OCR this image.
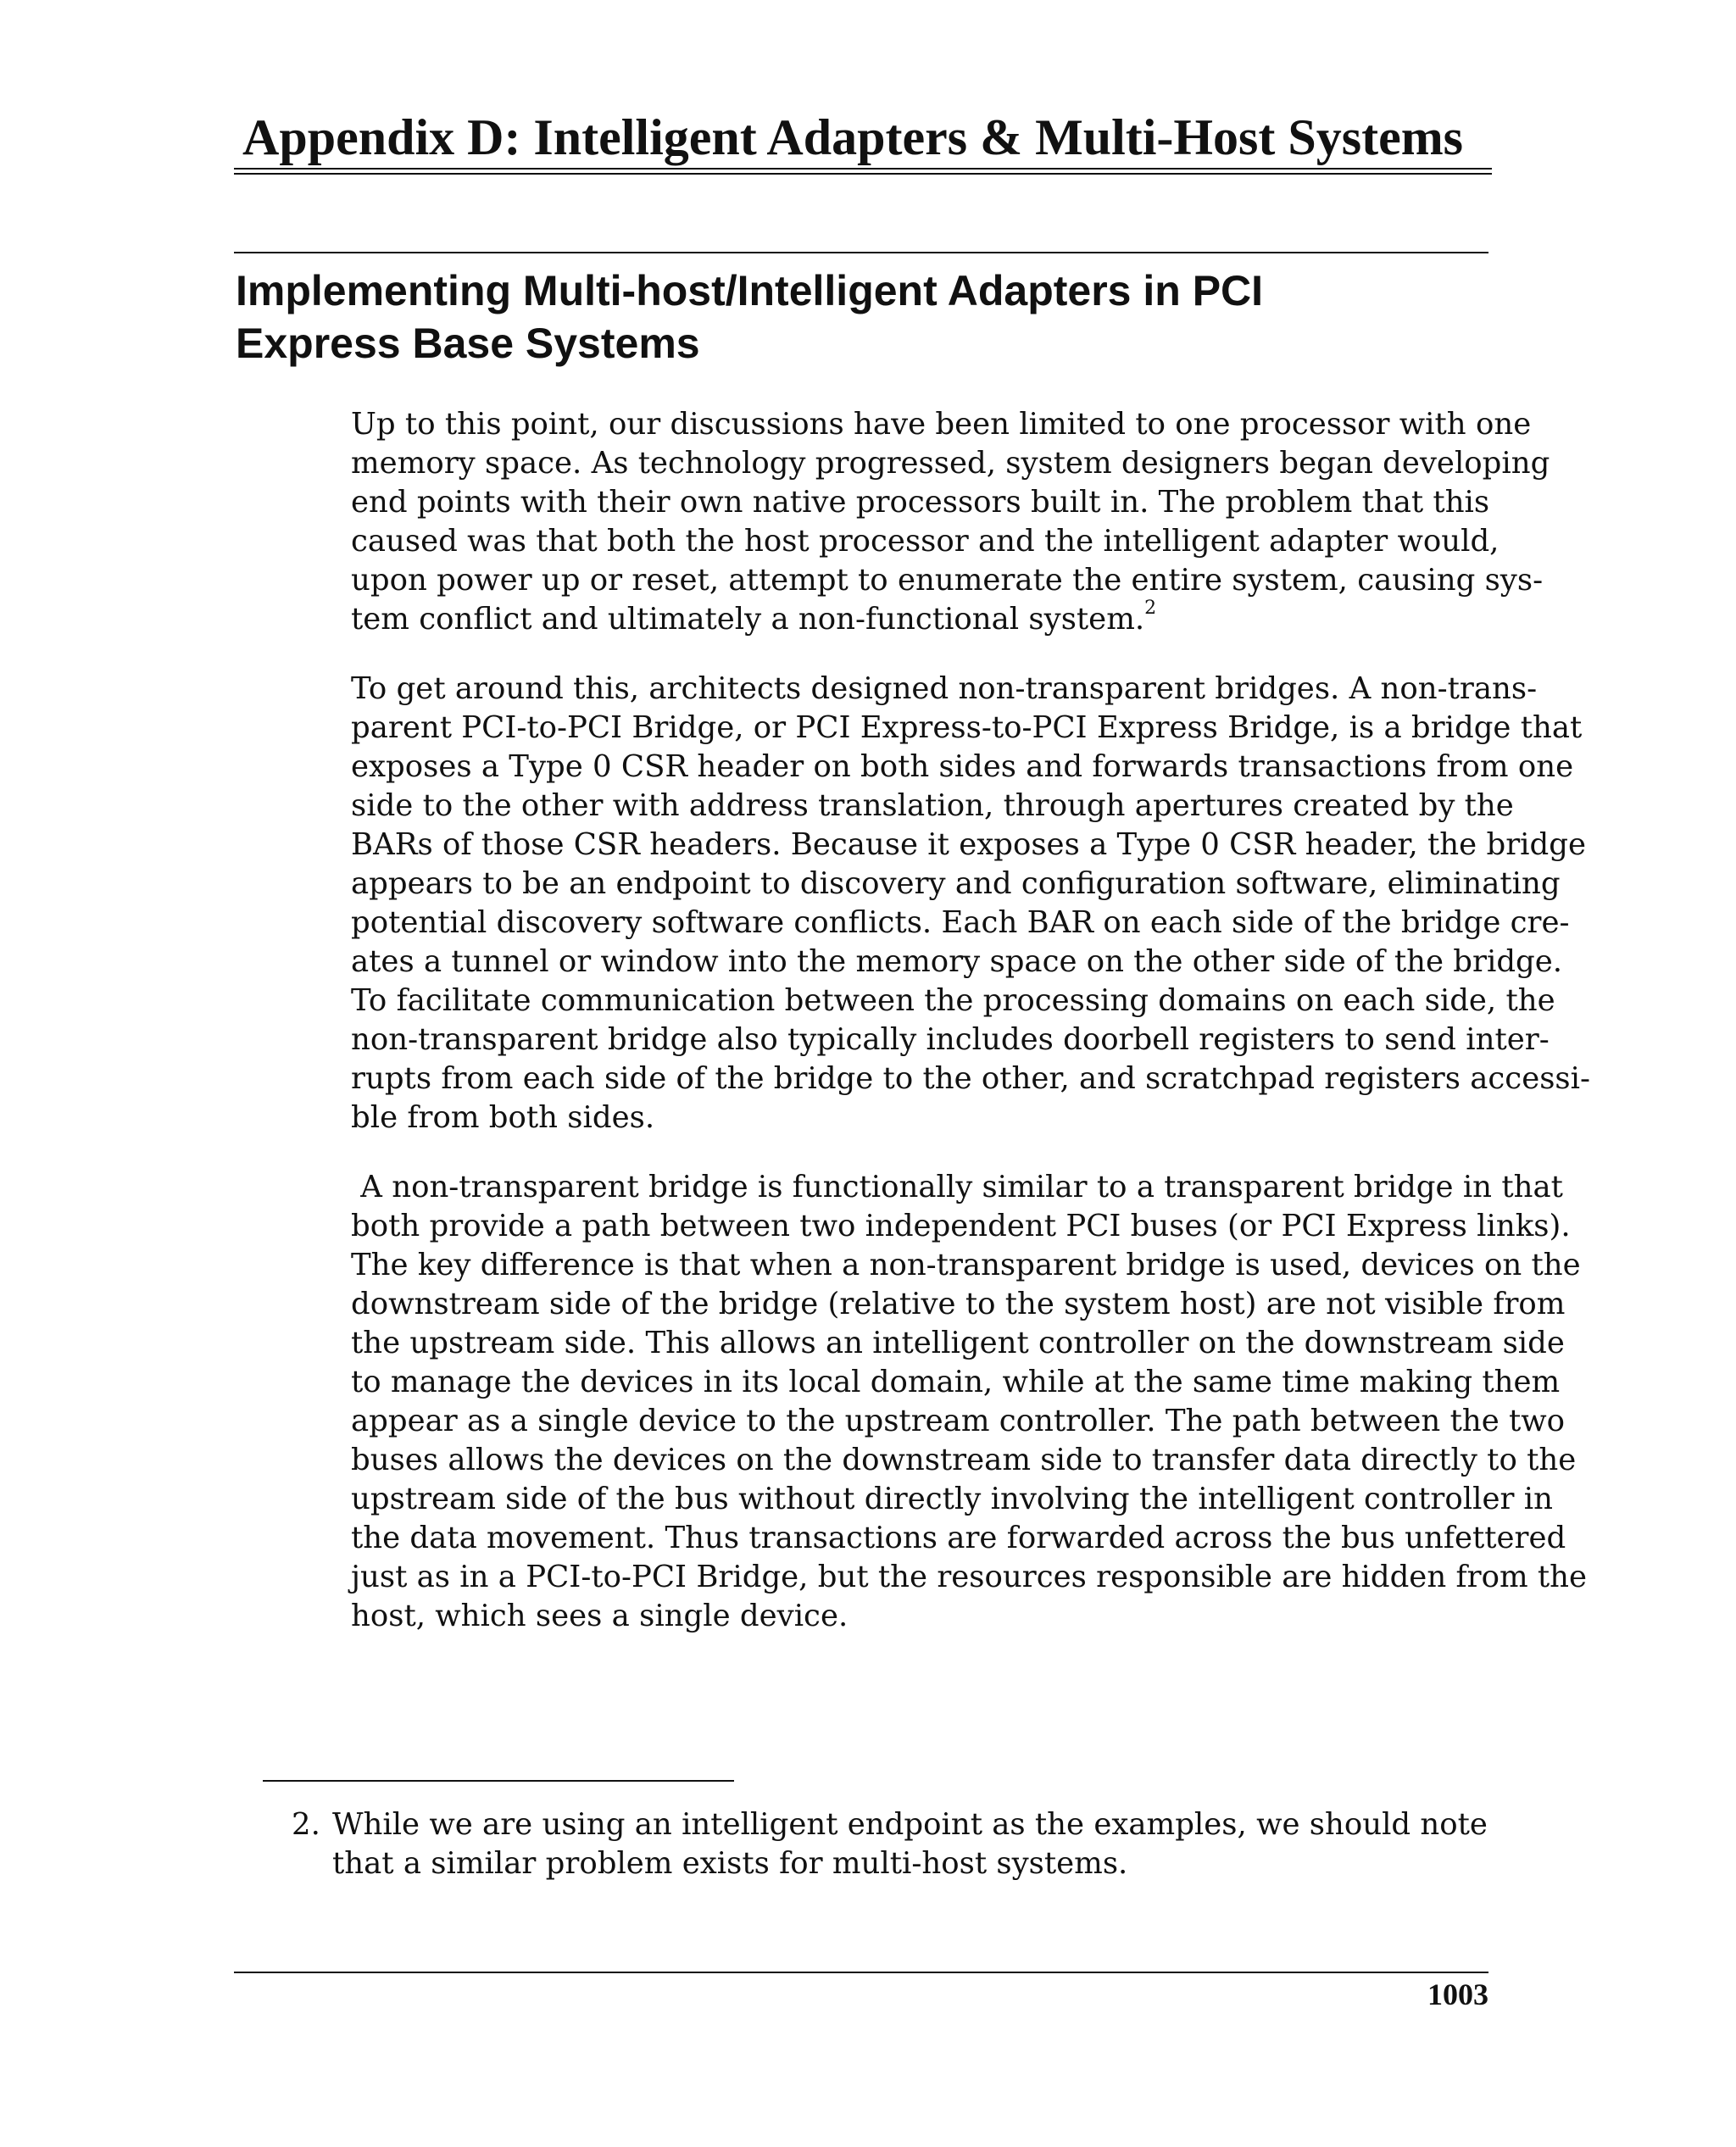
Appendix D: Intelligent Adapters & Multi-Host Systems
Implementing Multi-host/Intelligent Adapters in PCI
Express Base Systems
Up to this point, our discussions have been limited to one processor with one
memory space. As technology progressed, system designers began developing
end points with their own native processors built in. The problem that this
caused was that both the host processor and the intelligent adapter would,
upon power up or reset, attempt to enumerate the entire system, causing sys-
tem conflict and ultimately a non-functional system.$^2$
To get around this, architects designed non-transparent bridges. A non-trans-
parent PCI-to-PCI Bridge, or PCI Express-to-PCI Express Bridge, is a bridge that
exposes a Type 0 CSR header on both sides and forwards transactions from one
side to the other with address translation, through apertures created by the
BARs of those CSR headers. Because it exposes a Type 0 CSR header, the bridge
appears to be an endpoint to discovery and configuration software, eliminating
potential discovery software conflicts. Each BAR on each side of the bridge cre-
ates a tunnel or window into the memory space on the other side of the bridge.
To facilitate communication between the processing domains on each side, the
non-transparent bridge also typically includes doorbell registers to send inter-
rupts from each side of the bridge to the other, and scratchpad registers accessi-
ble from both sides.
A non-transparent bridge is functionally similar to a transparent bridge in that
both provide a path between two independent PCI buses (or PCI Express links).
The key difference is that when a non-transparent bridge is used, devices on the
downstream side of the bridge (relative to the system host) are not visible from
the upstream side. This allows an intelligent controller on the downstream side
to manage the devices in its local domain, while at the same time making them
appear as a single device to the upstream controller. The path between the two
buses allows the devices on the downstream side to transfer data directly to the
upstream side of the bus without directly involving the intelligent controller in
the data movement. Thus transactions are forwarded across the bus unfettered
just as in a PCI-to-PCI Bridge, but the resources responsible are hidden from the
host, which sees a single device.
2. While we are using an intelligent endpoint as the examples, we should note
that a similar problem exists for multi-host systems.
1003
